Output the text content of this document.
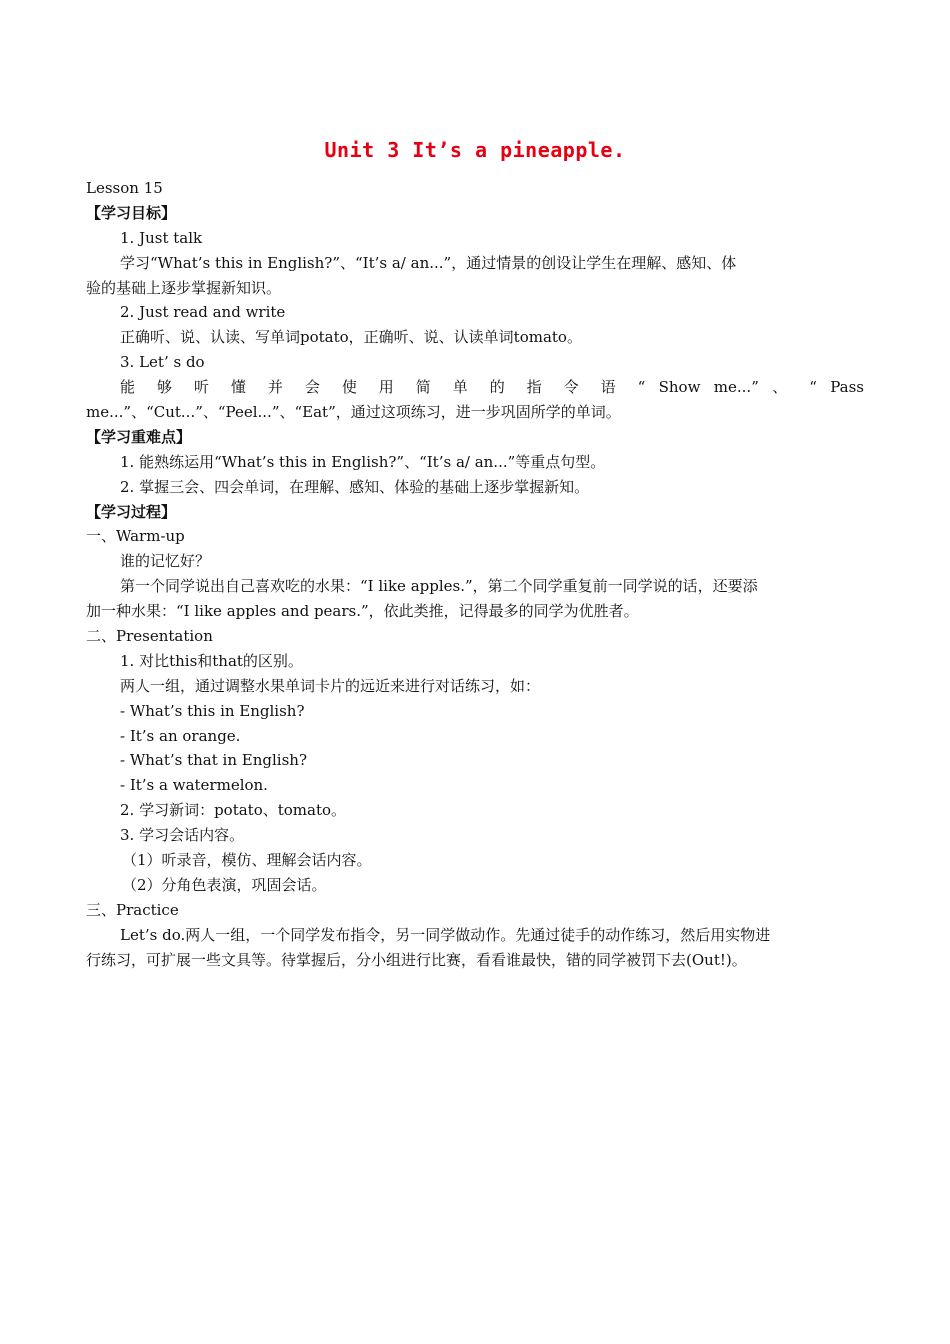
Unit 3 It’s a pineapple.
Lesson 15
【学习目标】
1. Just talk
学习“What’s this in English?”、“It’s a/ an...”，通过情景的创设让学生在理解、感知、体
验的基础上逐步掌握新知识。
2. Just read and write
正确听、说、认读、写单词potato，正确听、说、认读单词tomato。
3. Let’ s do
能 够 听 懂 并 会 使 用 简 单 的 指 令 语 “ Show me...” 、 “ Pass
me...”、“Cut...”、“Peel...”、“Eat”，通过这项练习，进一步巩固所学的单词。
【学习重难点】
1. 能熟练运用“What’s this in English?”、“It’s a/ an...”等重点句型。
2. 掌握三会、四会单词，在理解、感知、体验的基础上逐步掌握新知。
【学习过程】
一、Warm-up
谁的记忆好？
第一个同学说出自己喜欢吃的水果：“I like apples.”，第二个同学重复前一同学说的话，还要添
加一种水果：“I like apples and pears.”，依此类推，记得最多的同学为优胜者。
二、Presentation
1. 对比this和that的区别。
两人一组，通过调整水果单词卡片的远近来进行对话练习，如：
- What’s this in English?
- It’s an orange.
- What’s that in English?
- It’s a watermelon.
2. 学习新词：potato、tomato。
3. 学习会话内容。
（1）听录音，模仿、理解会话内容。
（2）分角色表演，巩固会话。
三、Practice
Let’s do.两人一组，一个同学发布指令，另一同学做动作。先通过徒手的动作练习，然后用实物进
行练习，可扩展一些文具等。待掌握后，分小组进行比赛，看看谁最快，错的同学被罚下去(Out!)。
